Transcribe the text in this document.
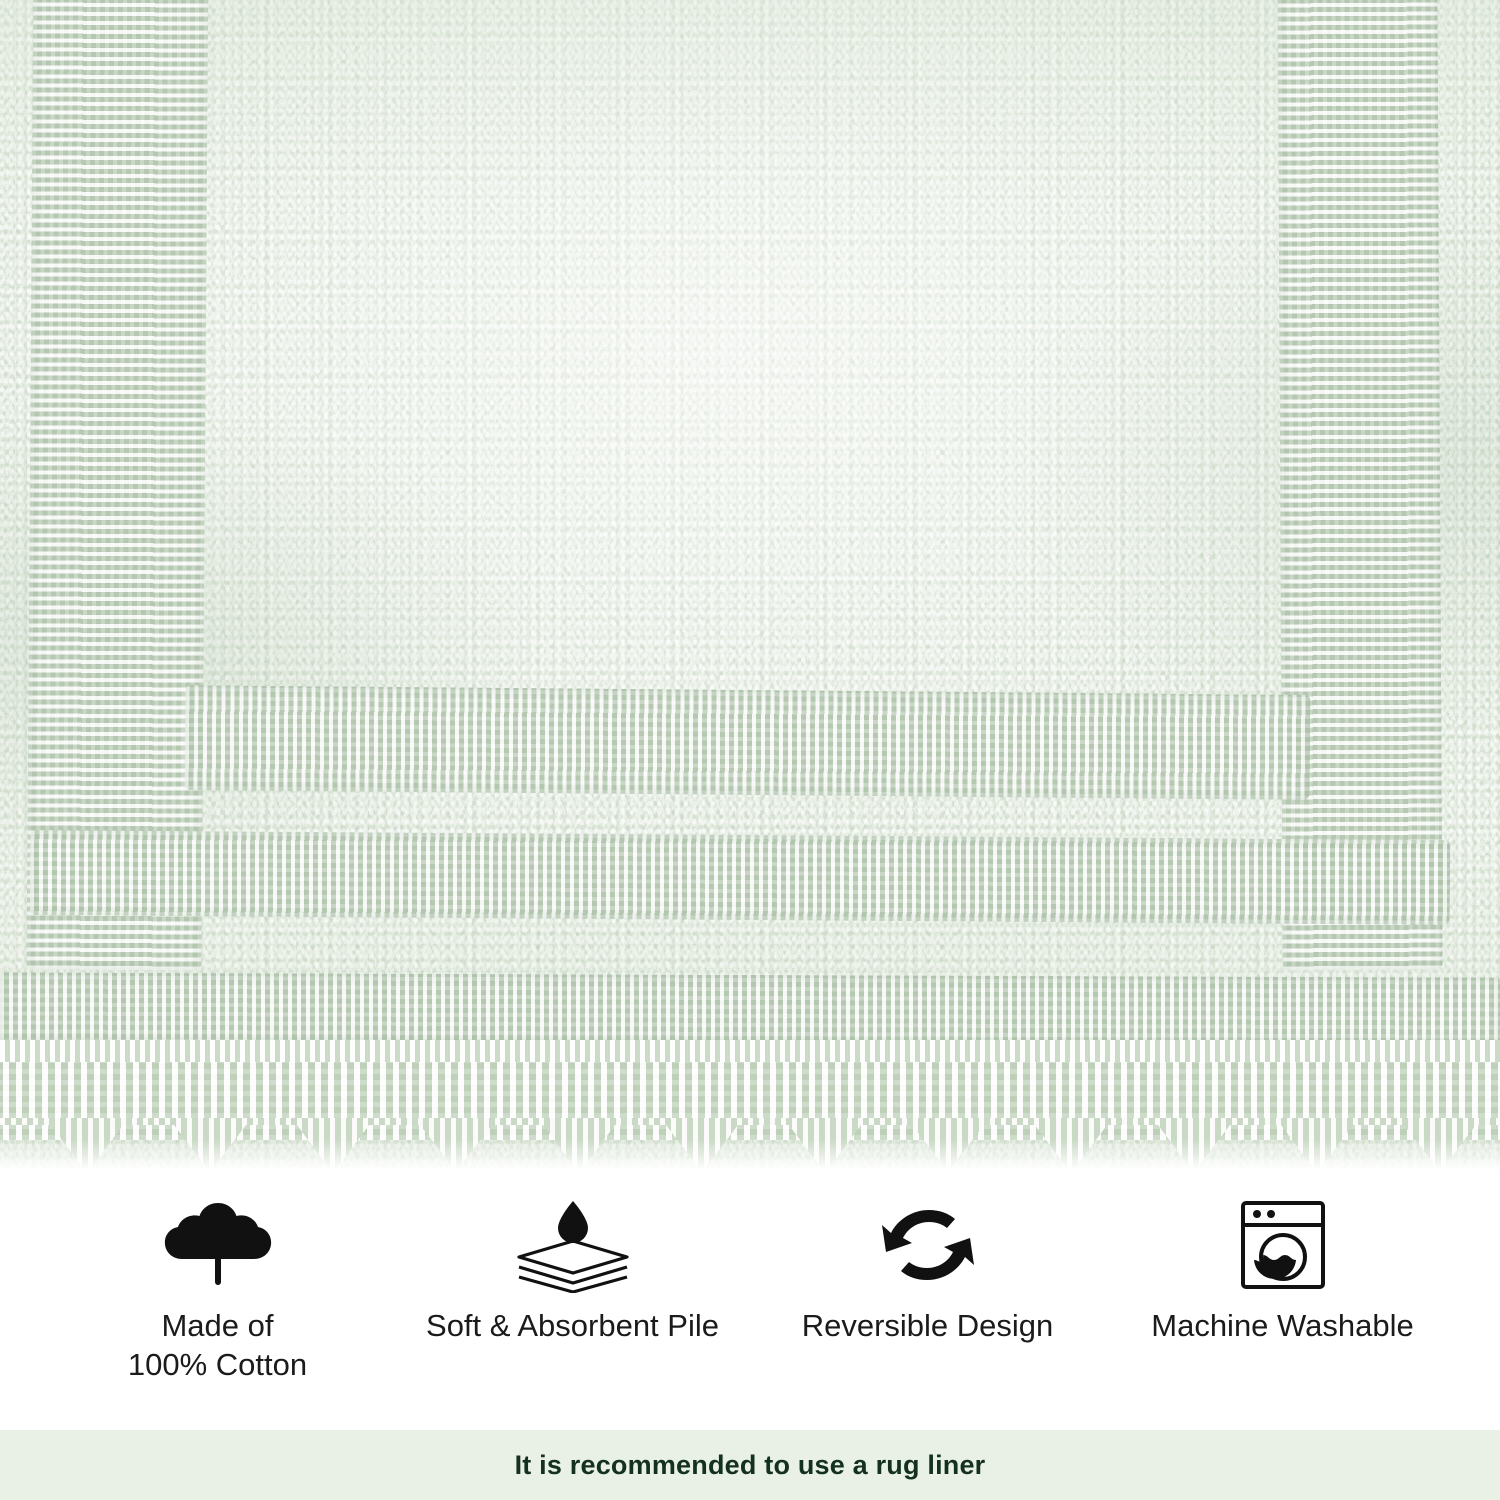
Made of
100% Cotton
Soft & Absorbent Pile	Reversible Design	Machine Washable
It is recommended to use a rug liner
